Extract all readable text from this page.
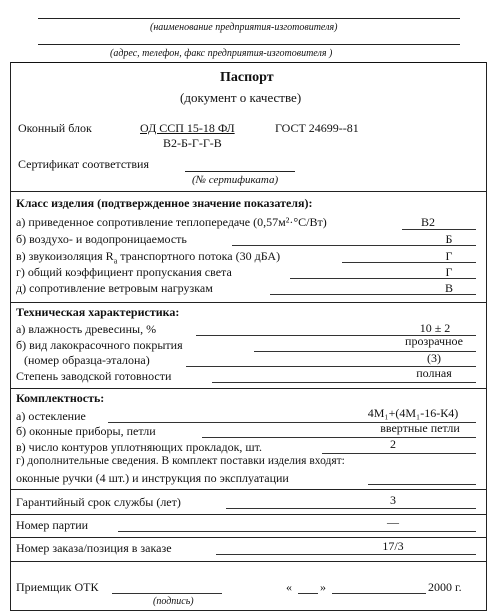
(наименование предприятия-изготовителя)
(адрес, телефон, факс предприятия-изготовителя )
Паспорт
(документ о качестве)
Оконный блок	ОД ССП 15-18 ФЛ	ГОСТ 24699--81
В2-Б-Г-Г-В
Сертификат соответствия
(№ сертификата)
Класс изделия (подтвержденное значение показателя):
а) приведенное сопротивление теплопередаче (0,57м²·°С/Вт)	В2
б) воздухо- и водопроницаемость	Б
в) звукоизоляция $R_a$ транспортного потока (30 дБА)	Г
г) общий коэффициент пропускания света	Г
д) сопротивление ветровым нагрузкам	В
Техническая характеристика:
а) влажность древесины, %	10 ± 2
б) вид лакокрасочного покрытия	прозрачное
(номер образца-эталона)	(3)
Степень заводской готовности	полная
Комплектность:
а) остекление	4М₁+(4М₁-16-К4)
б) оконные приборы, петли	ввертные петли
в) число контуров уплотняющих прокладок, шт.	2
г) дополнительные сведения. В комплект поставки изделия входят:
оконные ручки (4 шт.) и инструкция по эксплуатации
Гарантийный срок службы (лет)	3
Номер партии	—
Номер заказа/позиция в заказе	17/3
Приемщик ОТК
(подпись)
« »	2000 г.
